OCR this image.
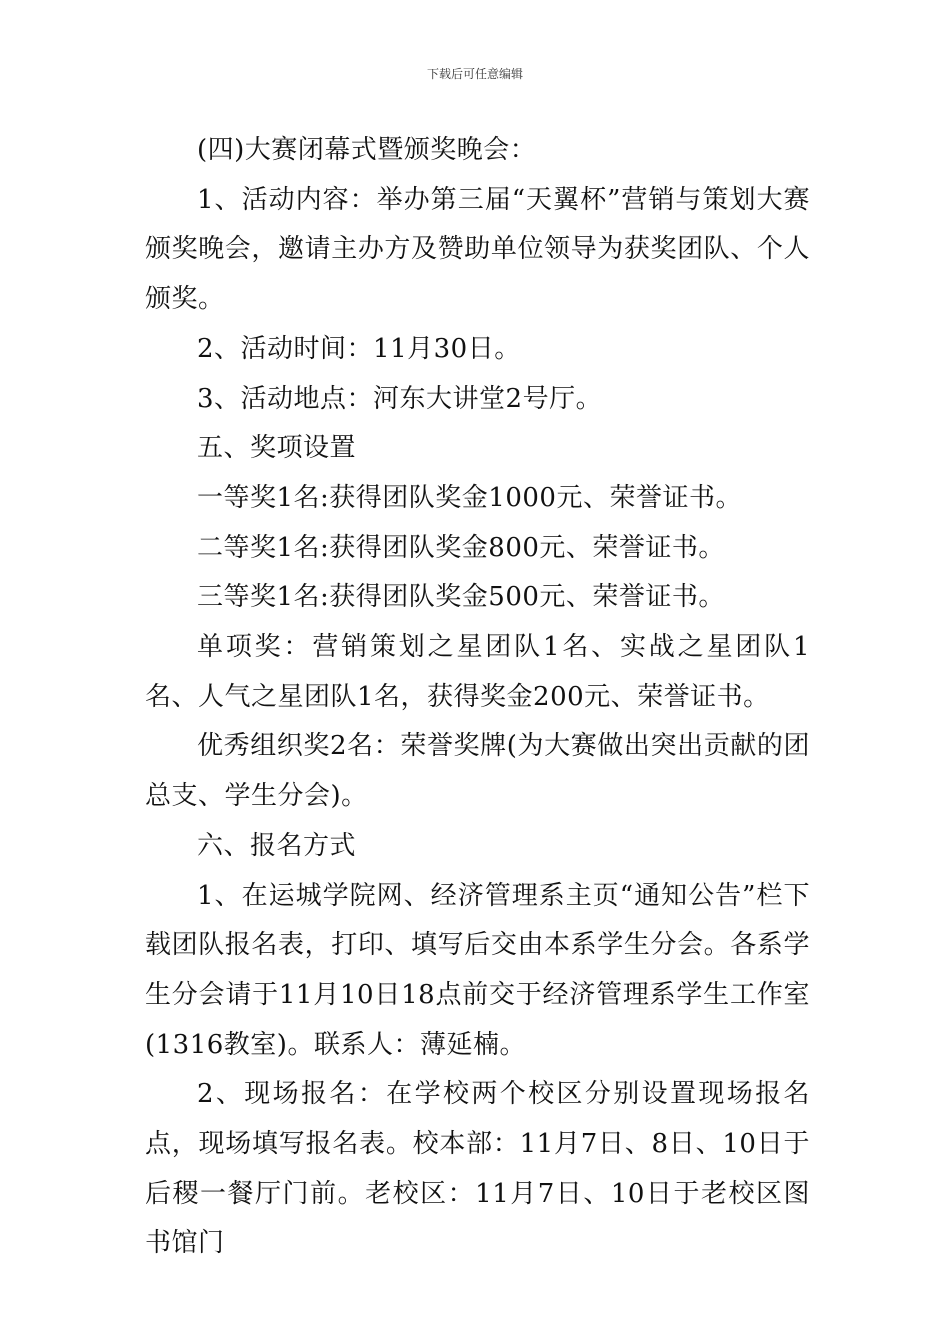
下载后可任意编辑

(四)大赛闭幕式暨颁奖晚会：

1、活动内容：举办第三届“天翼杯”营销与策划大赛颁奖晚会，邀请主办方及赞助单位领导为获奖团队、个人颁奖。

2、活动时间：11月30日。

3、活动地点：河东大讲堂2号厅。

五、奖项设置

一等奖1名:获得团队奖金1000元、荣誉证书。

二等奖1名:获得团队奖金800元、荣誉证书。

三等奖1名:获得团队奖金500元、荣誉证书。

单项奖：营销策划之星团队1名、实战之星团队1名、人气之星团队1名，获得奖金200元、荣誉证书。

优秀组织奖2名：荣誉奖牌(为大赛做出突出贡献的团总支、学生分会)。

六、报名方式

1、在运城学院网、经济管理系主页“通知公告”栏下载团队报名表，打印、填写后交由本系学生分会。各系学生分会请于11月10日18点前交于经济管理系学生工作室(1316教室)。联系人：薄延楠。

2、现场报名：在学校两个校区分别设置现场报名点，现场填写报名表。校本部：11月7日、8日、10日于后稷一餐厅门前。老校区：11月7日、10日于老校区图书馆门
